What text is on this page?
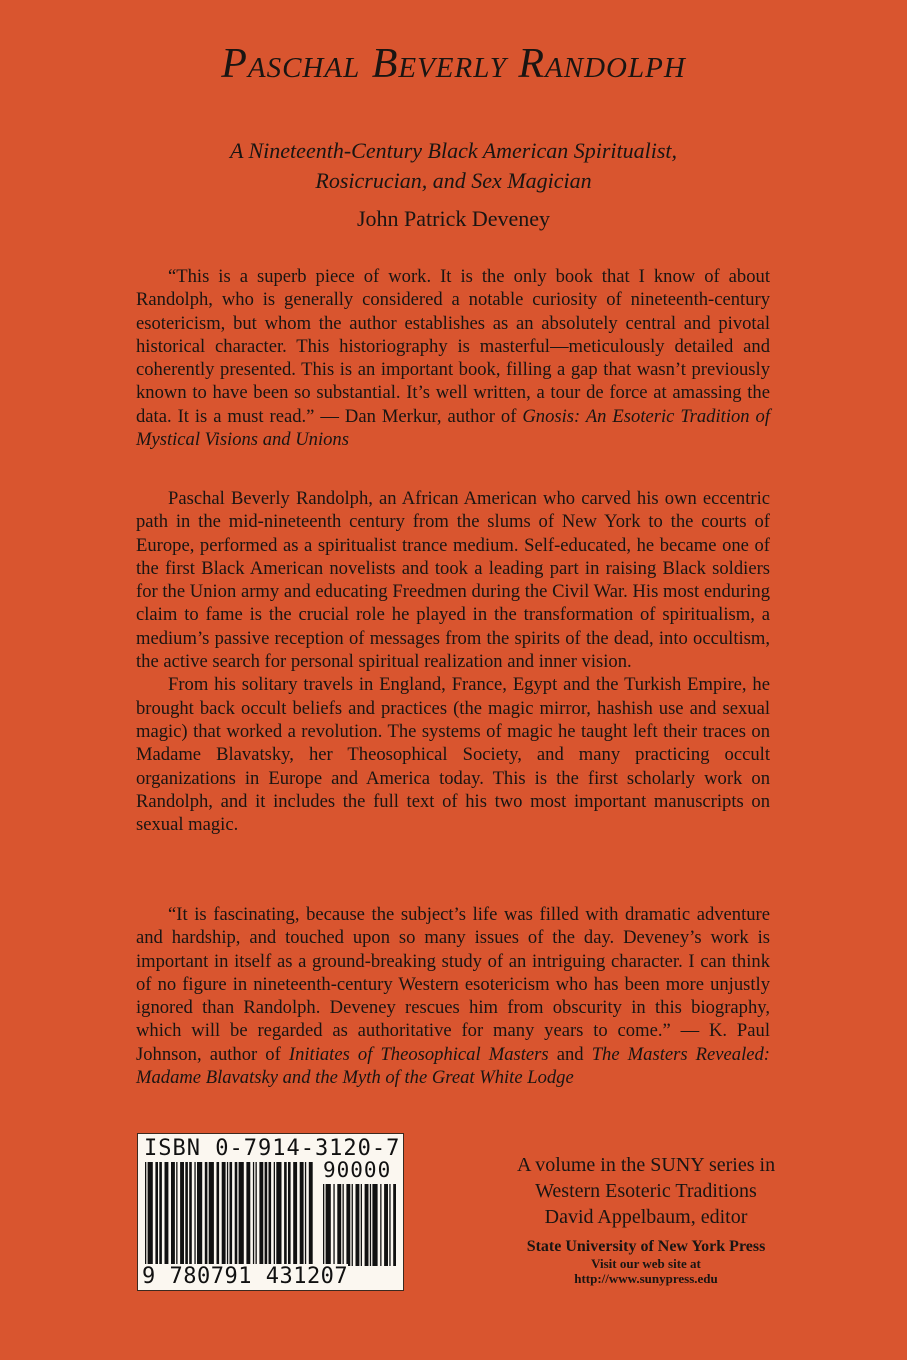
Paschal Beverly Randolph
A Nineteenth-Century Black American Spiritualist,
Rosicrucian, and Sex Magician
John Patrick Deveney

“This is a superb piece of work. It is the only book that I know of about Randolph, who is generally considered a notable curiosity of nineteenth-century esotericism, but whom the author establishes as an absolutely central and pivotal historical character. This historiography is masterful—meticulously detailed and coherently presented. This is an important book, filling a gap that wasn’t previously known to have been so substantial. It’s well written, a tour de force at amassing the data. It is a must read.” — Dan Merkur, author of Gnosis: An Esoteric Tradition of Mystical Visions and Unions

Paschal Beverly Randolph, an African American who carved his own eccentric path in the mid-nineteenth century from the slums of New York to the courts of Europe, performed as a spiritualist trance medium. Self-educated, he became one of the first Black American novelists and took a leading part in raising Black soldiers for the Union army and educating Freedmen during the Civil War. His most enduring claim to fame is the crucial role he played in the transformation of spiritualism, a medium’s passive reception of messages from the spirits of the dead, into occultism, the active search for personal spiritual realization and inner vision.

From his solitary travels in England, France, Egypt and the Turkish Empire, he brought back occult beliefs and practices (the magic mirror, hashish use and sexual magic) that worked a revolution. The systems of magic he taught left their traces on Madame Blavatsky, her Theosophical Society, and many practicing occult organizations in Europe and America today. This is the first scholarly work on Randolph, and it includes the full text of his two most important manuscripts on sexual magic.

“It is fascinating, because the subject’s life was filled with dramatic adventure and hardship, and touched upon so many issues of the day. Deveney’s work is important in itself as a ground-breaking study of an intriguing character. I can think of no figure in nineteenth-century Western esotericism who has been more unjustly ignored than Randolph. Deveney rescues him from obscurity in this biography, which will be regarded as authoritative for many years to come.” — K. Paul Johnson, author of Initiates of Theosophical Masters and The Masters Revealed: Madame Blavatsky and the Myth of the Great White Lodge

ISBN 0-7914-3120-7
90000
9 780791 431207
A volume in the SUNY series in
Western Esoteric Traditions
David Appelbaum, editor
State University of New York Press
Visit our web site at
http://www.sunypress.edu
